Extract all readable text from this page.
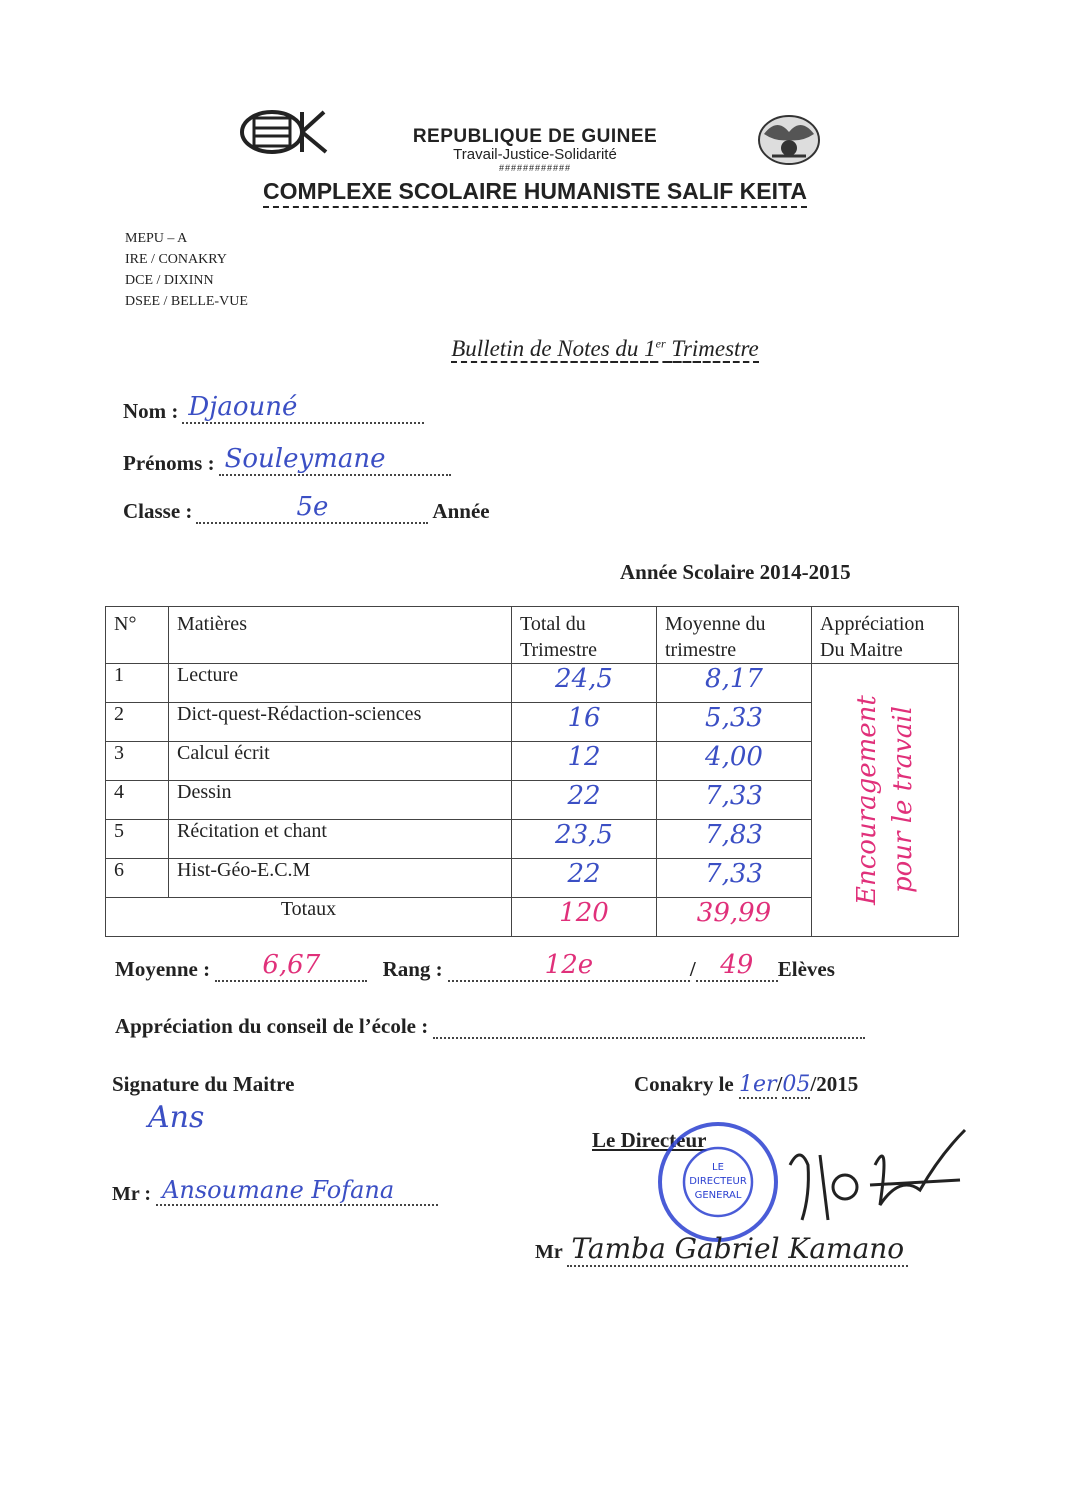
REPUBLIQUE DE GUINEE
Travail-Justice-Solidarité
############
COMPLEXE SCOLAIRE HUMANISTE SALIF KEITA
MEPU – A
IRE / CONAKRY
DCE / DIXINN
DSEE / BELLE-VUE
Bulletin de Notes du 1er Trimestre
Nom : Djaouné
Prénoms : Souleymane
Classe :	5e	Année
Année Scolaire 2014-2015
N°	Matières	Total du Trimestre	Moyenne du trimestre	Appréciation Du Maitre
1	Lecture	24,5	8,17	Encouragement pour le travail

2	Dict-quest-Rédaction-sciences	16	5,33	
3	Calcul écrit	12	4,00	
4	Dessin	22	7,33	
5	Récitation et chant	23,5	7,83	
6	Hist-Géo-E.C.M	22	7,33	
Totaux		120	39,99	
Moyenne : 6,67	Rang :	12e	/ 49 Elèves
Appréciation du conseil de l’école :
Signature du Maitre
Ans
Mr : Ansoumane Fofana
Conakry le 1er/05/2015
Le Directeur
LE
DIRECTEUR
GENERAL
Mr Tamba Gabriel Kamano
